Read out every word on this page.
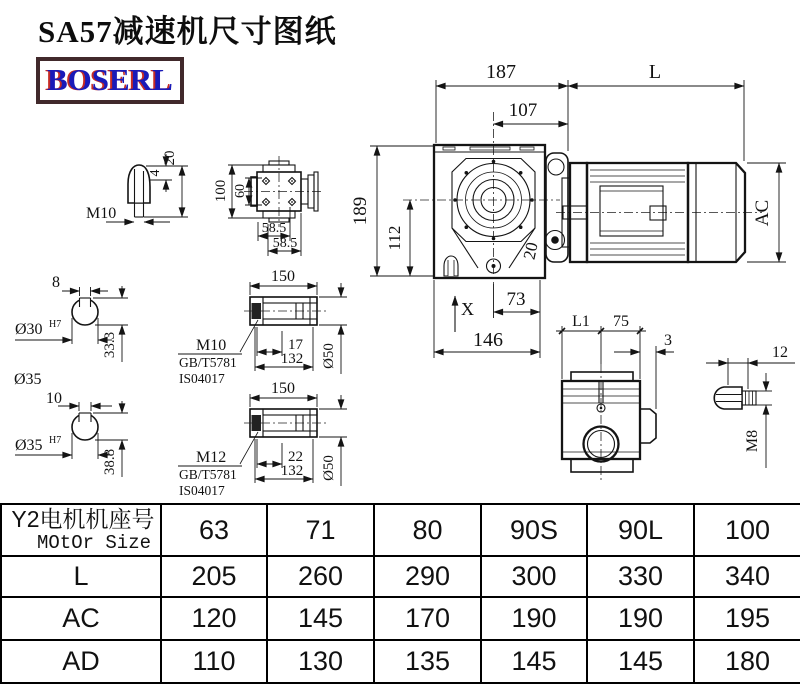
SA57减速机尺寸图纸
BOSERL
M10
4
20
100 60
58.5
58.5
8
Ø30 H7
33.3
Ø35
10
Ø35 H7
38.8
150
M10
GB/T5781
IS04017
17
132 Ø50
150
M12
GB/T5781
IS04017
22
132 Ø50
20
187	L
107
189
112
73
146
X
AC
L1 75
3
12
M8
Y2电机机座号
MOtOr Size	63	71	80	90S	90L	100
L	205	260	290	300	330	340
AC	120	145	170	190	190	195
AD	110	130	135	145	145	180
